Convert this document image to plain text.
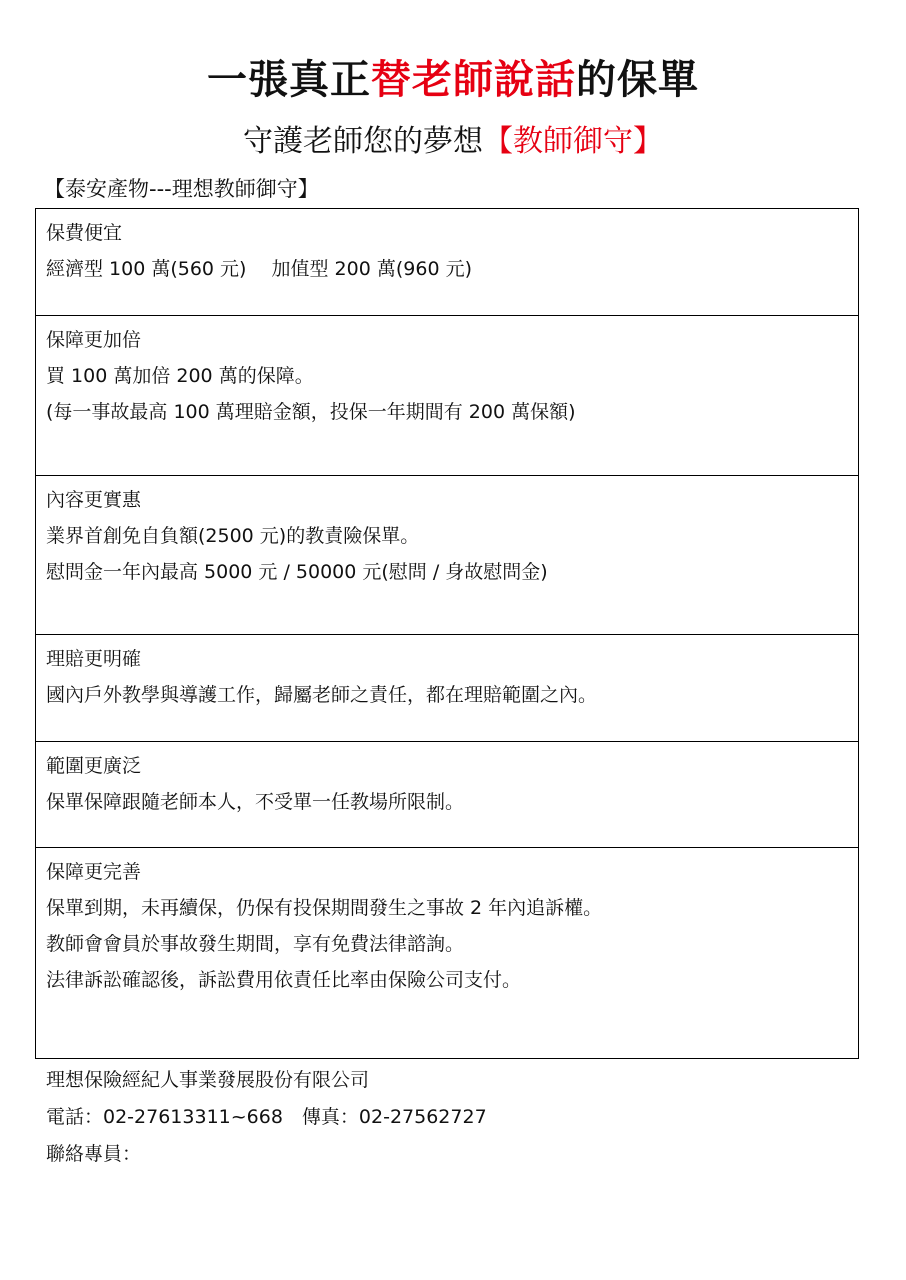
一張真正替老師說話的保單
守護老師您的夢想【教師御守】
【泰安產物---理想教師御守】
保費便宜
經濟型 100 萬(560 元)　 加值型 200 萬(960 元)
保障更加倍
買 100 萬加倍 200 萬的保障。
(每一事故最高 100 萬理賠金額，投保一年期間有 200 萬保額)
內容更實惠
業界首創免自負額(2500 元)的教責險保單。
慰問金一年內最高 5000 元 / 50000 元(慰問 / 身故慰問金)
理賠更明確
國內戶外教學與導護工作，歸屬老師之責任，都在理賠範圍之內。
範圍更廣泛
保單保障跟隨老師本人，不受單一任教場所限制。
保障更完善
保單到期，未再續保，仍保有投保期間發生之事故 2 年內追訴權。
教師會會員於事故發生期間，享有免費法律諮詢。
法律訴訟確認後，訴訟費用依責任比率由保險公司支付。
理想保險經紀人事業發展股份有限公司
電話：02-27613311~668　傳真：02-27562727
聯絡專員：
